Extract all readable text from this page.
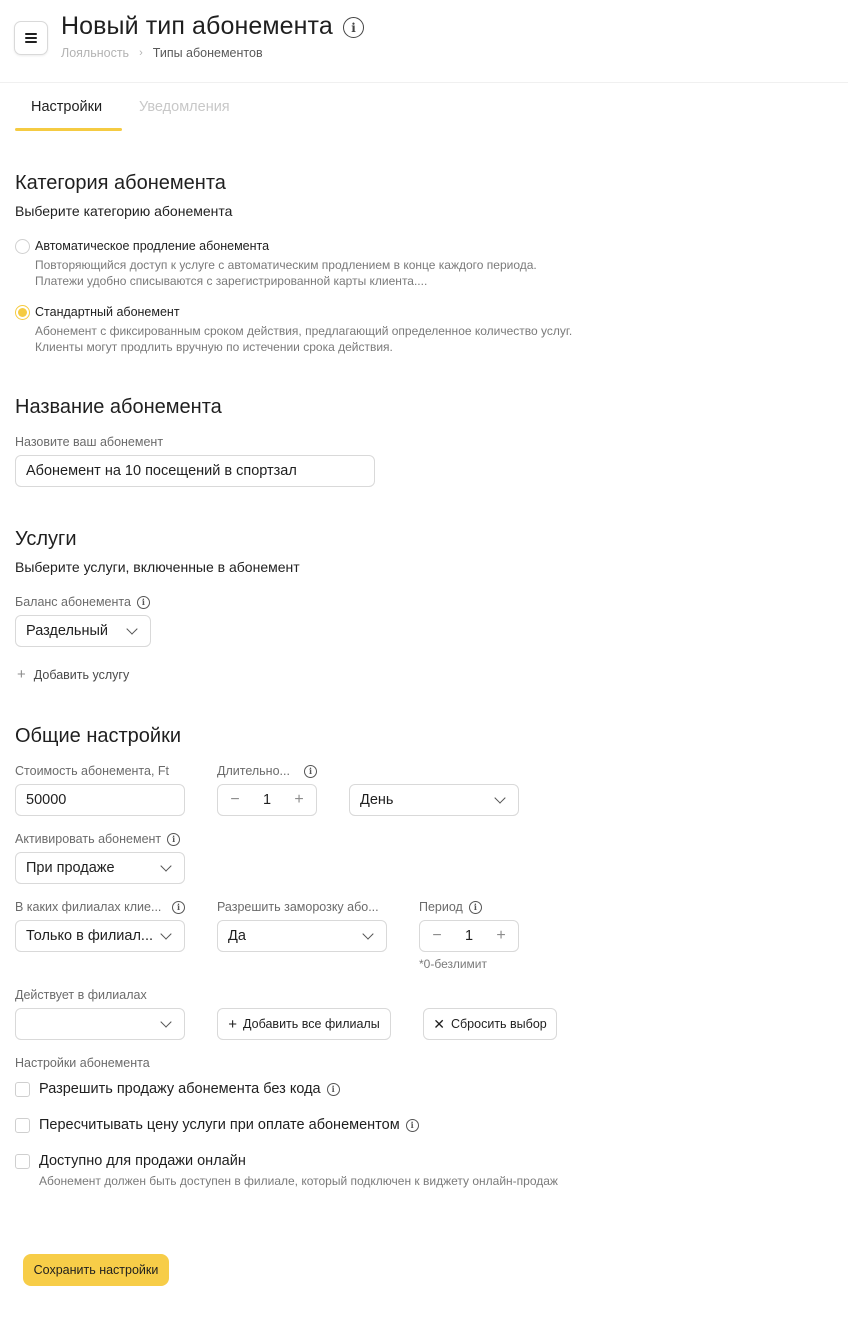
Новый тип абонемента	i
Лояльность › Типы абонементов
Настройки	Уведомления
Категория абонемента
Выберите категорию абонемента
Автоматическое продление абонемента
Повторяющийся доступ к услуге с автоматическим продлением в конце каждого периода.
Платежи удобно списываются с зарегистрированной карты клиента....
Стандартный абонемент
Абонемент с фиксированным сроком действия, предлагающий определенное количество услуг.
Клиенты могут продлить вручную по истечении срока действия.
Название абонемента
Назовите ваш абонемент
Абонемент на 10 посещений в спортзал
Услуги
Выберите услуги, включенные в абонемент
Баланс абонемента	i
Раздельный
+ Добавить услугу
Общие настройки
Стоимость абонемента, Ft
50000
Длительно...	i
− 1 +	День
Активировать абонемент	i
При продаже
В каких филиалах клие...	i
Только в филиал...
Разрешить заморозку або...
Да
Период	i
− 1 +
*0-безлимит
Действует в филиалах
+ Добавить все филиалы	✕ Сбросить выбор
Настройки абонемента
Разрешить продажу абонемента без кода	i
Пересчитывать цену услуги при оплате абонементом	i
Доступно для продажи онлайн
Абонемент должен быть доступен в филиале, который подключен к виджету онлайн-продаж
Сохранить настройки
